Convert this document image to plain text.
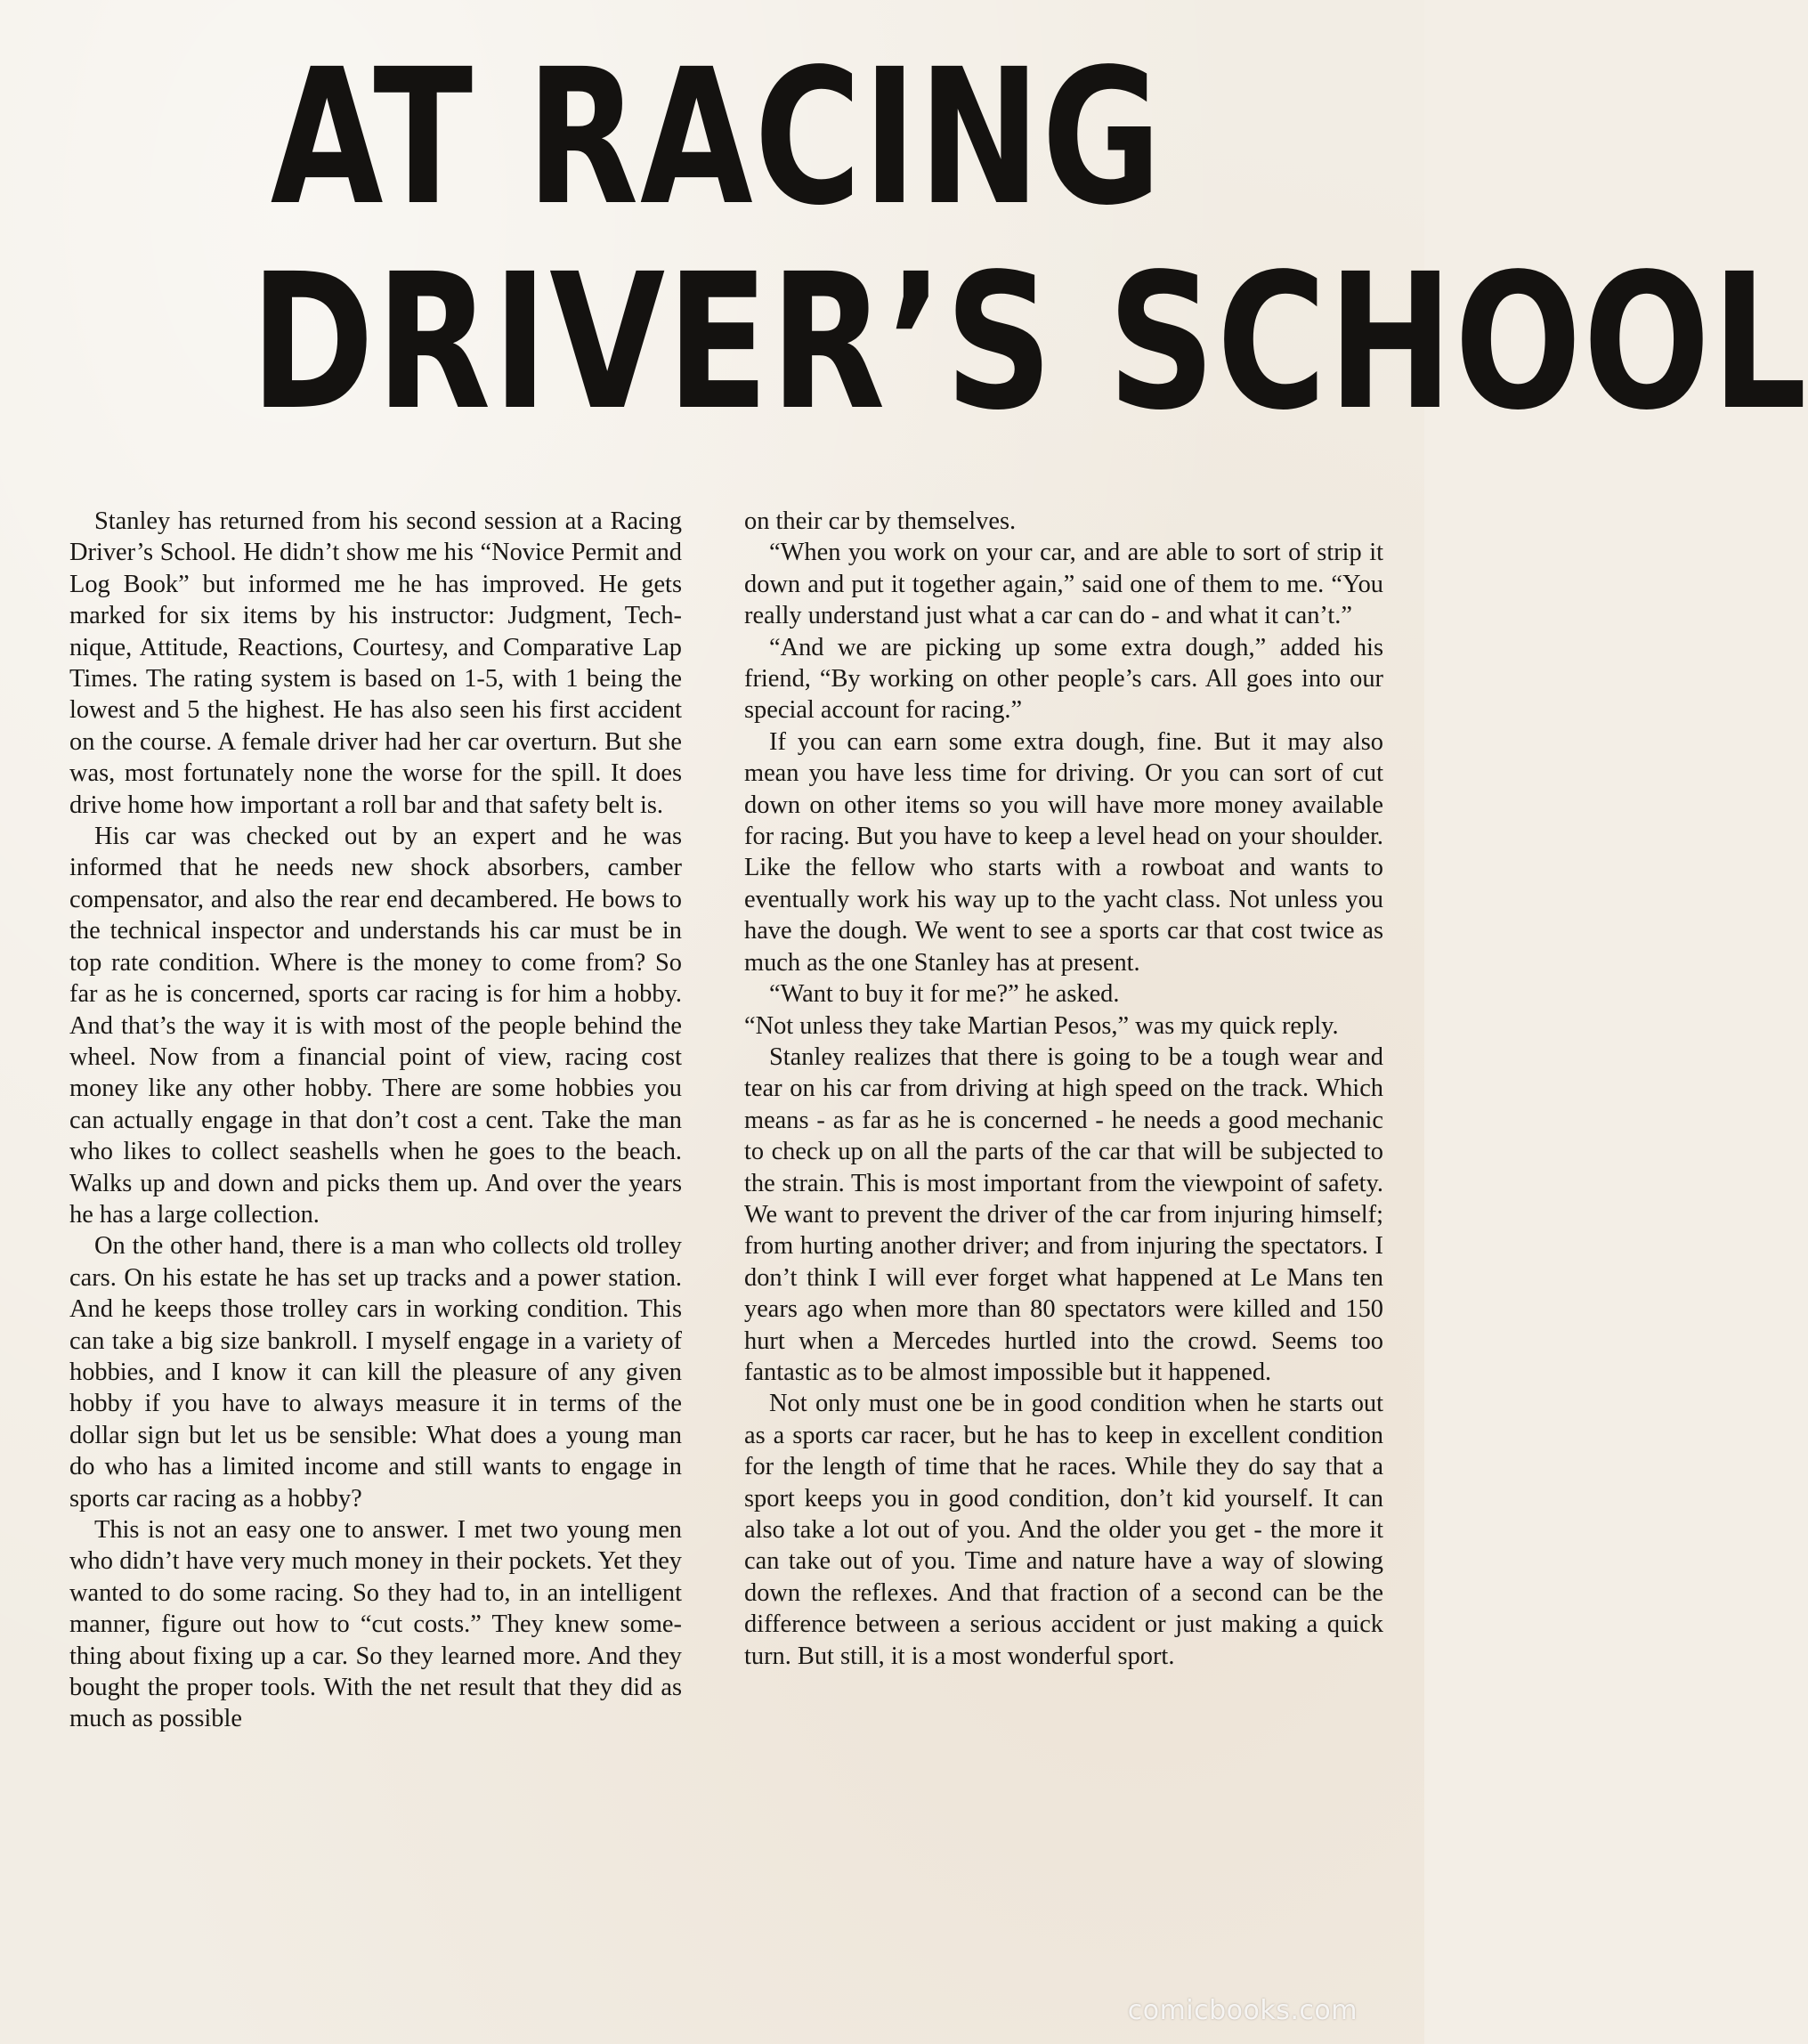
AT RACING
DRIVER’S SCHOOL

Stanley has returned from his second session at a Racing Driver’s School. He didn’t show me his “Novice Permit and Log Book” but informed me he has improved. He gets marked for six items by his instructor: Judgment, Technique, Attitude, Reactions, Courtesy, and Comparative Lap Times. The rating system is based on 1-5, with 1 being the lowest and 5 the highest. He has also seen his first accident on the course. A female driver had her car overturn. But she was, most fortunately none the worse for the spill. It does drive home how important a roll bar and that safety belt is.

His car was checked out by an expert and he was informed that he needs new shock absorbers, camber compensator, and also the rear end decambered. He bows to the technical inspector and understands his car must be in top rate condition. Where is the money to come from? So far as he is concerned, sports car racing is for him a hobby. And that’s the way it is with most of the people behind the wheel. Now from a financial point of view, racing cost money like any other hobby. There are some hobbies you can actually engage in that don’t cost a cent. Take the man who likes to collect seashells when he goes to the beach. Walks up and down and picks them up. And over the years he has a large collection.

On the other hand, there is a man who collects old trolley cars. On his estate he has set up tracks and a power station. And he keeps those trolley cars in working condition. This can take a big size bankroll. I myself engage in a variety of hobbies, and I know it can kill the pleasure of any given hobby if you have to always measure it in terms of the dollar sign but let us be sensible: What does a young man do who has a limited income and still wants to engage in sports car racing as a hobby?

This is not an easy one to answer. I met two young men who didn’t have very much money in their pockets. Yet they wanted to do some racing. So they had to, in an intelligent manner, figure out how to “cut costs.” They knew something about fixing up a car. So they learned more. And they bought the proper tools. With the net result that they did as much as possible

on their car by themselves.

“When you work on your car, and are able to sort of strip it down and put it together again,” said one of them to me. “You really understand just what a car can do - and what it can’t.”

“And we are picking up some extra dough,” added his friend, “By working on other people’s cars. All goes into our special account for racing.”

If you can earn some extra dough, fine. But it may also mean you have less time for driving. Or you can sort of cut down on other items so you will have more money available for racing. But you have to keep a level head on your shoulder. Like the fellow who starts with a rowboat and wants to eventually work his way up to the yacht class. Not unless you have the dough. We went to see a sports car that cost twice as much as the one Stanley has at present.

“Want to buy it for me?” he asked.

“Not unless they take Martian Pesos,” was my quick reply.

Stanley realizes that there is going to be a tough wear and tear on his car from driving at high speed on the track. Which means - as far as he is concerned - he needs a good mechanic to check up on all the parts of the car that will be subjected to the strain. This is most important from the viewpoint of safety. We want to prevent the driver of the car from injuring himself; from hurting another driver; and from injuring the spectators. I don’t think I will ever forget what happened at Le Mans ten years ago when more than 80 spectators were killed and 150 hurt when a Mercedes hurtled into the crowd. Seems too fantastic as to be almost impossible but it happened.

Not only must one be in good condition when he starts out as a sports car racer, but he has to keep in excellent condition for the length of time that he races. While they do say that a sport keeps you in good condition, don’t kid yourself. It can also take a lot out of you. And the older you get - the more it can take out of you. Time and nature have a way of slowing down the reflexes. And that fraction of a second can be the difference between a serious accident or just making a quick turn. But still, it is a most wonderful sport.

comicbooks.com
